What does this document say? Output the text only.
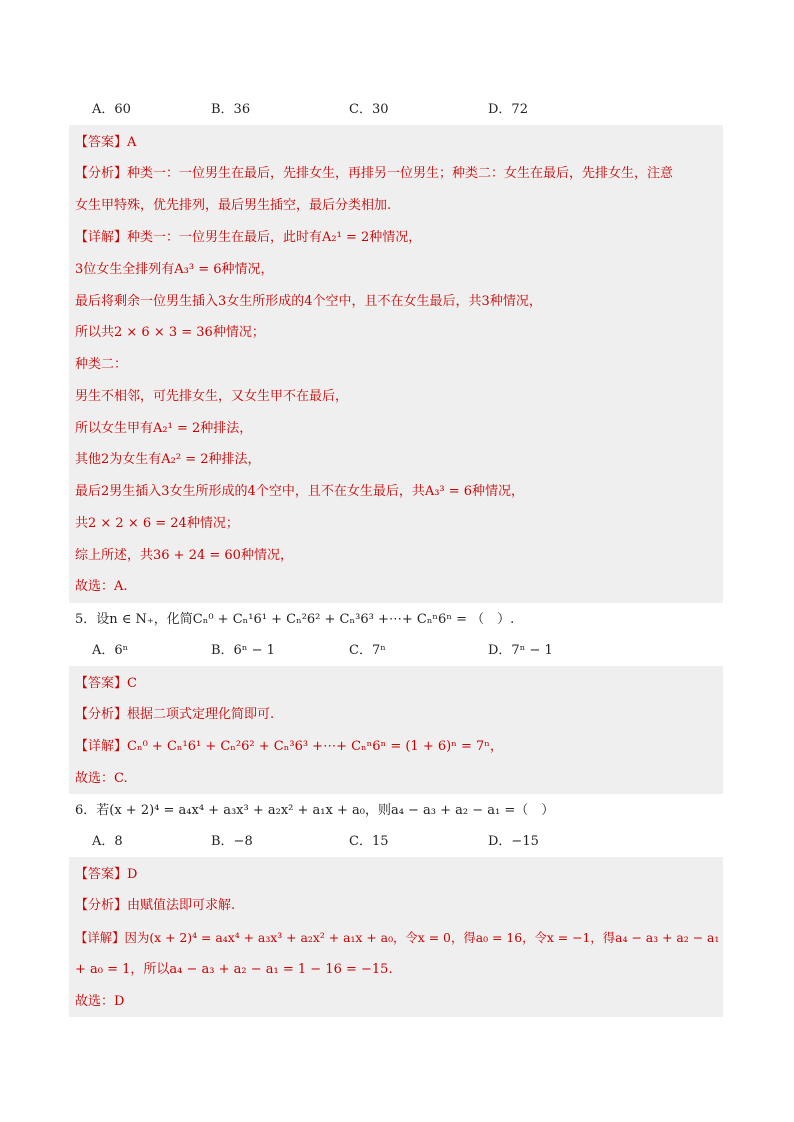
A．60	B．36	C．30	D．72
【答案】A
【分析】种类一：一位男生在最后，先排女生，再排另一位男生；种类二：女生在最后，先排女生，注意
女生甲特殊，优先排列，最后男生插空，最后分类相加.
【详解】种类一：一位男生在最后，此时有A₂¹ = 2种情况，
3位女生全排列有A₃³ = 6种情况，
最后将剩余一位男生插入3女生所形成的4个空中，且不在女生最后，共3种情况，
所以共2 × 6 × 3 = 36种情况；
种类二：
男生不相邻，可先排女生，又女生甲不在最后，
所以女生甲有A₂¹ = 2种排法，
其他2为女生有A₂² = 2种排法，
最后2男生插入3女生所形成的4个空中，且不在女生最后，共A₃³ = 6种情况，
共2 × 2 × 6 = 24种情况；
综上所述，共36 + 24 = 60种情况，
故选：A.
5．设n ∈ N₊，化简Cₙ⁰ + Cₙ¹6¹ + Cₙ²6² + Cₙ³6³ +⋯+ Cₙⁿ6ⁿ = （　）.
A．6ⁿ	B．6ⁿ − 1	C．7ⁿ	D．7ⁿ − 1
【答案】C
【分析】根据二项式定理化简即可.
【详解】Cₙ⁰ + Cₙ¹6¹ + Cₙ²6² + Cₙ³6³ +⋯+ Cₙⁿ6ⁿ = (1 + 6)ⁿ = 7ⁿ，
故选：C.
6．若(x + 2)⁴ = a₄x⁴ + a₃x³ + a₂x² + a₁x + a₀，则a₄ − a₃ + a₂ − a₁ =（　）
A．8	B．−8	C．15	D．−15
【答案】D
【分析】由赋值法即可求解.
【详解】因为(x + 2)⁴ = a₄x⁴ + a₃x³ + a₂x² + a₁x + a₀，令x = 0，得a₀ = 16，令x = −1，得a₄ − a₃ + a₂ − a₁
+ a₀ = 1，所以a₄ − a₃ + a₂ − a₁ = 1 − 16 = −15.
故选：D
